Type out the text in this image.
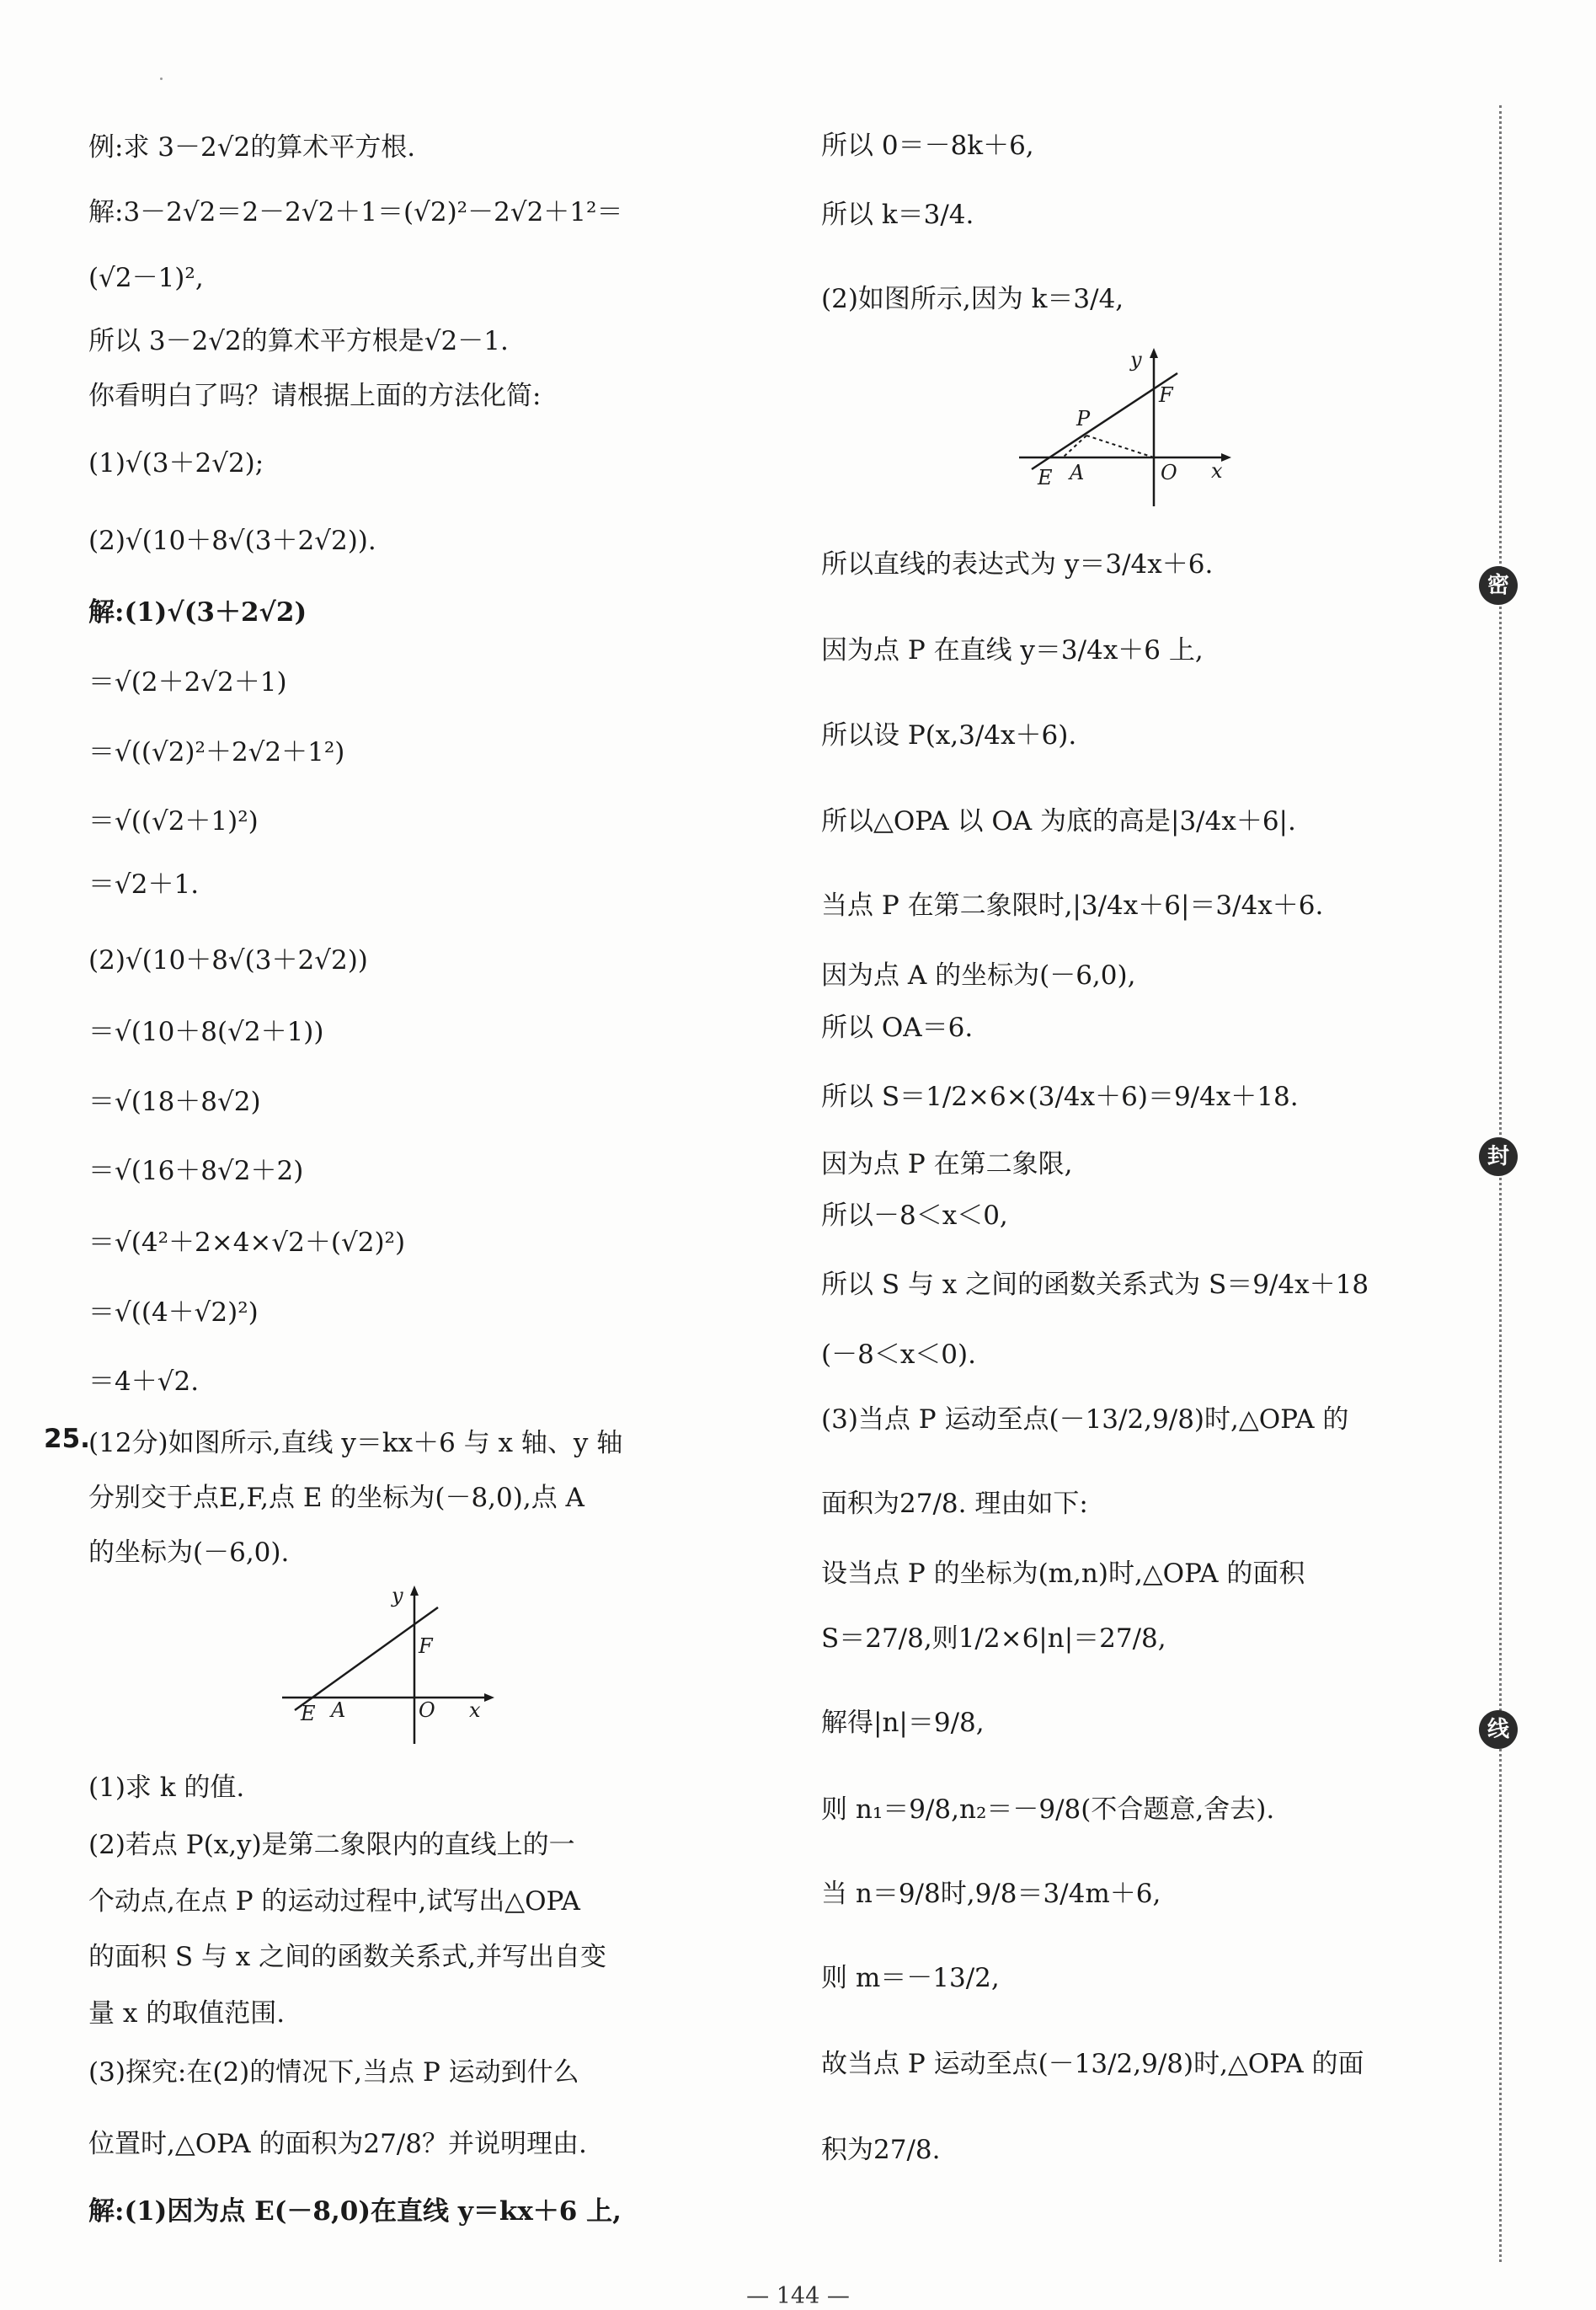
例:求 3－2√2的算术平方根.
解:3－2√2＝2－2√2＋1＝(√2)²－2√2＋1²＝
(√2－1)²,
所以 3－2√2的算术平方根是√2－1.
你看明白了吗？请根据上面的方法化简:
(1)√(3＋2√2);
(2)√(10＋8√(3＋2√2)).
解:(1)√(3＋2√2)
＝√(2＋2√2＋1)
＝√((√2)²＋2√2＋1²)
＝√((√2＋1)²)
＝√2＋1.
(2)√(10＋8√(3＋2√2))
＝√(10＋8(√2＋1))
＝√(18＋8√2)
＝√(16＋8√2＋2)
＝√(4²＋2×4×√2＋(√2)²)
＝√((4＋√2)²)
＝4＋√2.
(12分)如图所示,直线 y＝kx＋6 与 x 轴、y 轴
分别交于点E,F,点 E 的坐标为(－8,0),点 A
的坐标为(－6,0).
(1)求 k 的值.
(2)若点 P(x,y)是第二象限内的直线上的一
个动点,在点 P 的运动过程中,试写出△OPA
的面积 S 与 x 之间的函数关系式,并写出自变
量 x 的取值范围.
(3)探究:在(2)的情况下,当点 P 运动到什么
位置时,△OPA 的面积为27/8？并说明理由.
解:(1)因为点 E(－8,0)在直线 y＝kx＋6 上,
25.
y
x
F
E A	O
所以 0＝－8k＋6,
所以 k＝3/4.
(2)如图所示,因为 k＝3/4,
所以直线的表达式为 y＝3/4x＋6.
因为点 P 在直线 y＝3/4x＋6 上,
所以设 P(x,3/4x＋6).
所以△OPA 以 OA 为底的高是|3/4x＋6|.
当点 P 在第二象限时,|3/4x＋6|＝3/4x＋6.
因为点 A 的坐标为(－6,0),
所以 OA＝6.
所以 S＝1/2×6×(3/4x＋6)＝9/4x＋18.
因为点 P 在第二象限,
所以－8＜x＜0,
所以 S 与 x 之间的函数关系式为 S＝9/4x＋18
(－8＜x＜0).
(3)当点 P 运动至点(－13/2,9/8)时,△OPA 的
面积为27/8. 理由如下:
设当点 P 的坐标为(m,n)时,△OPA 的面积
S＝27/8,则1/2×6|n|＝27/8,
解得|n|＝9/8,
则 n₁＝9/8,n₂＝－9/8(不合题意,舍去).
当 n＝9/8时,9/8＝3/4m＋6,
则 m＝－13/2,
故当点 P 运动至点(－13/2,9/8)时,△OPA 的面
积为27/8.
y
x
F
P
E A	O
密
封
线
— 144 —
